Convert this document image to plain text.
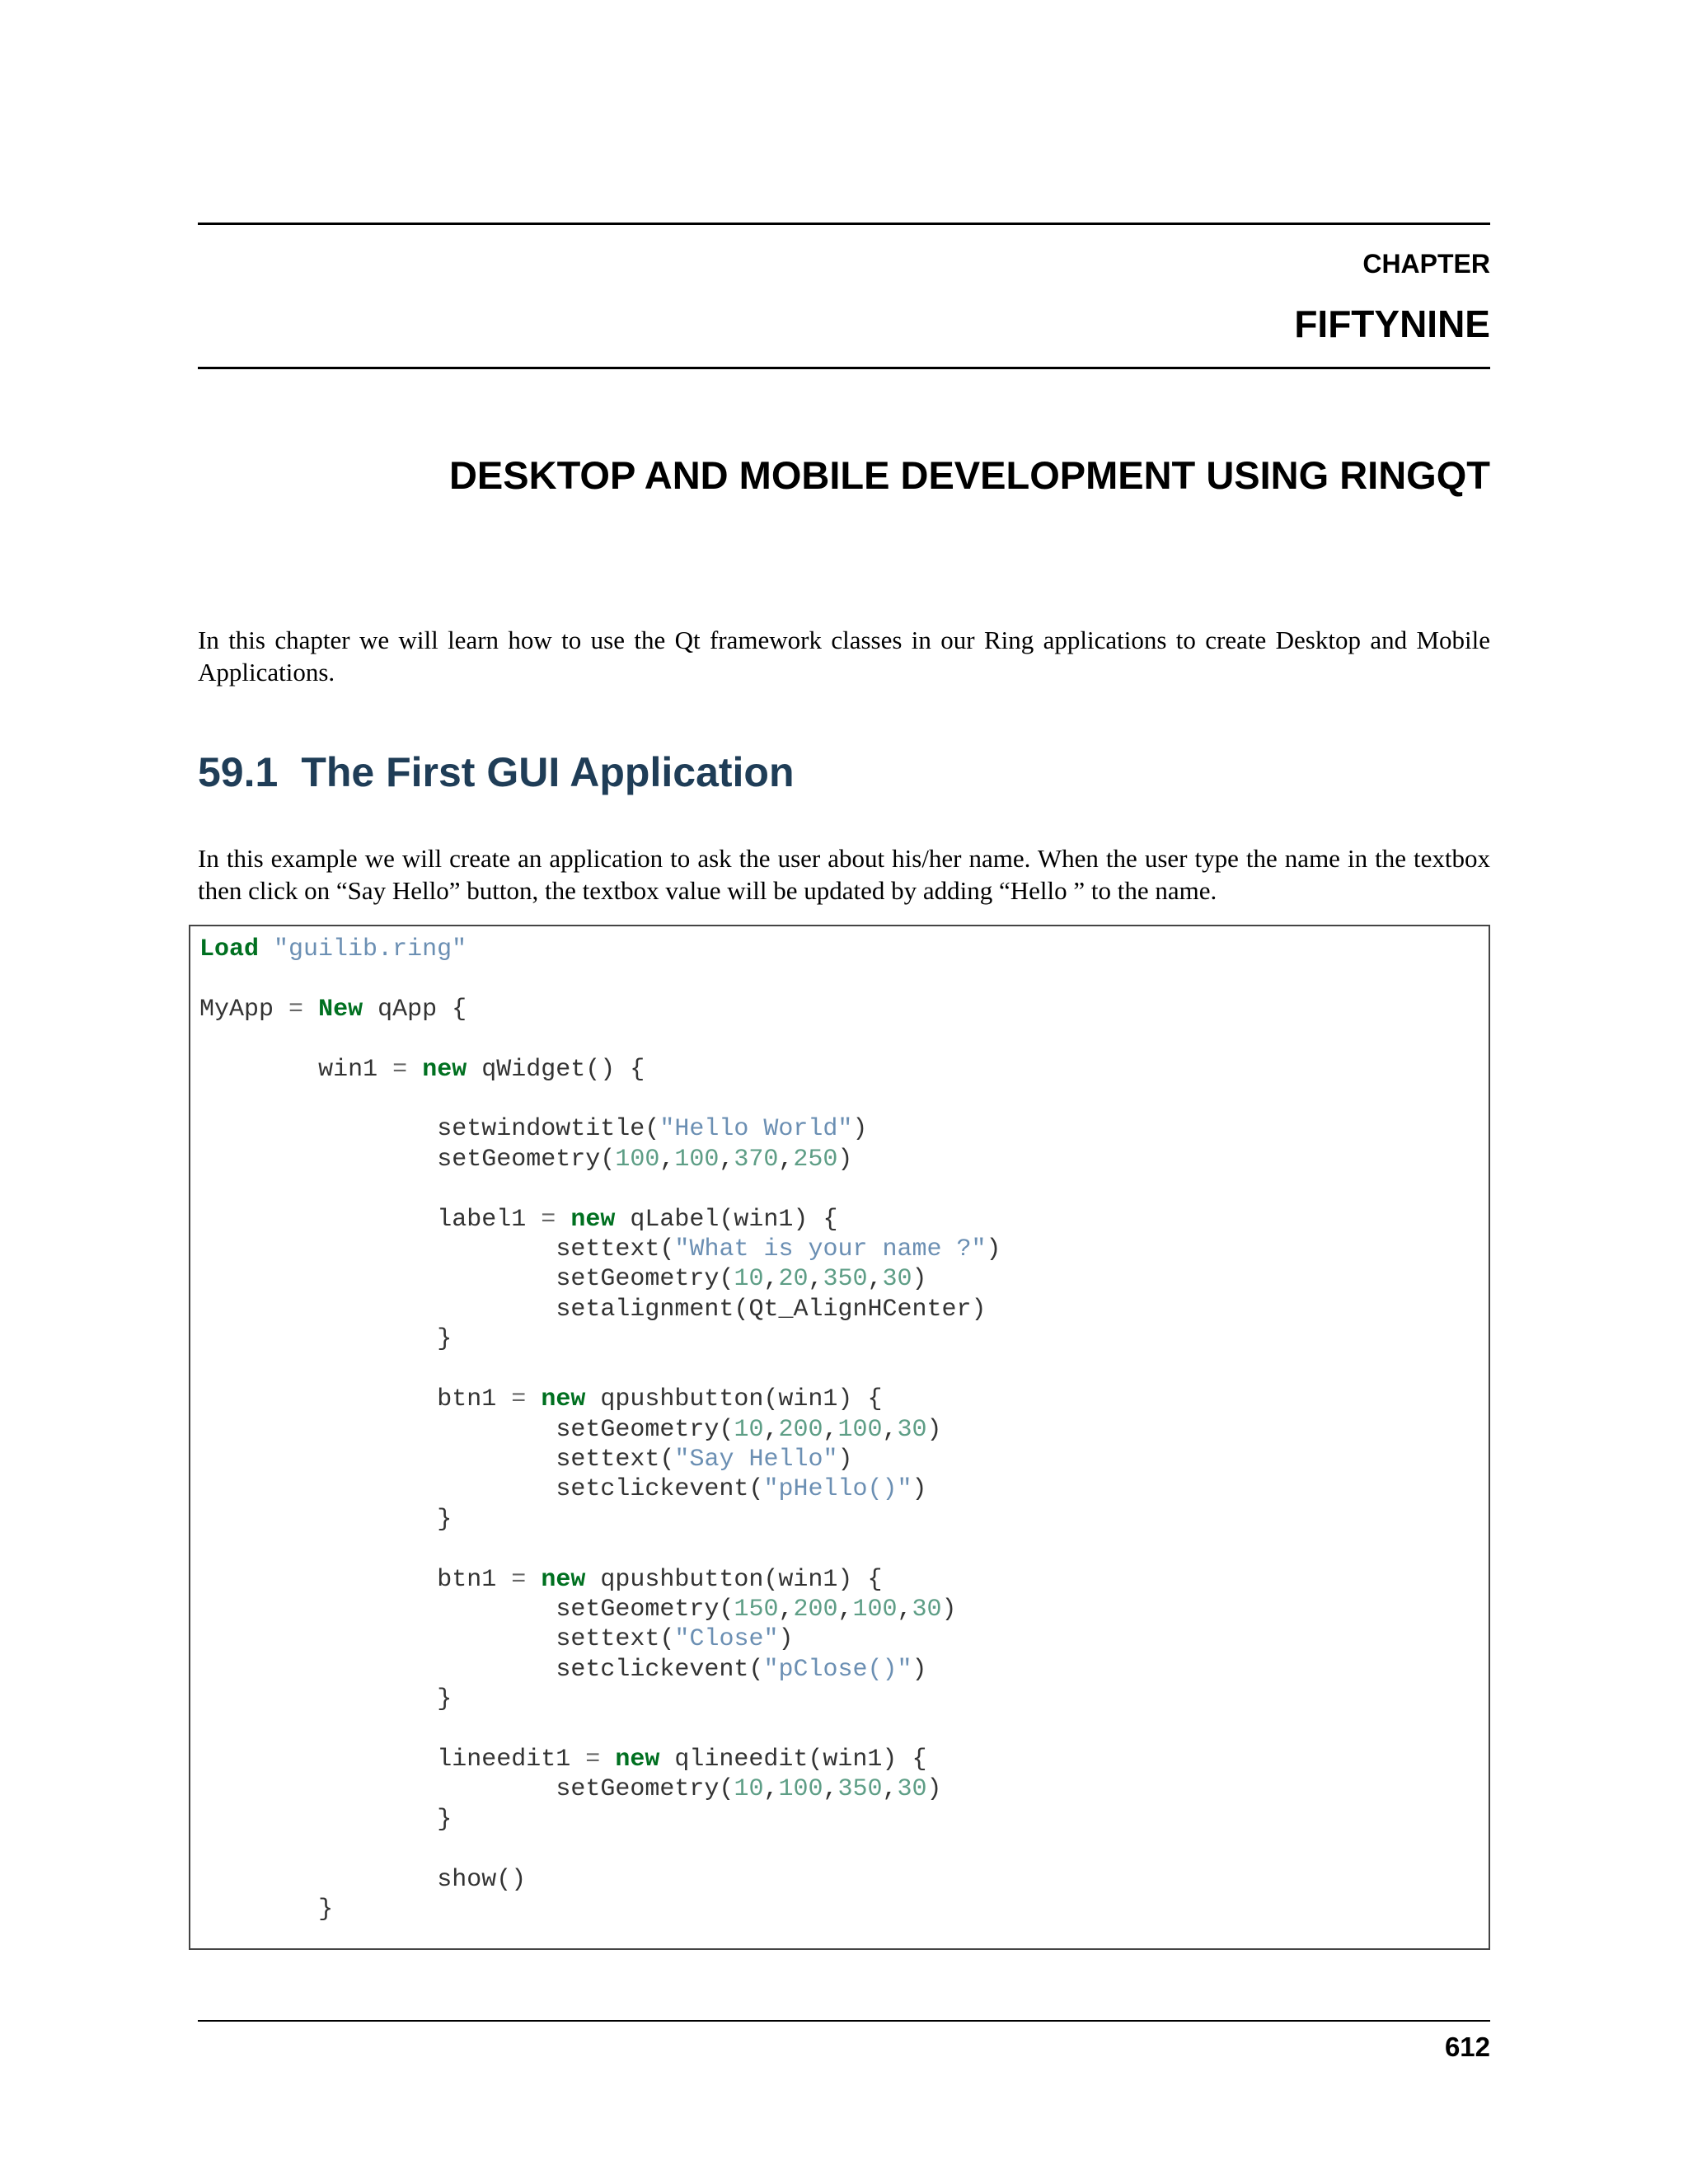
CHAPTER
FIFTYNINE
DESKTOP AND MOBILE DEVELOPMENT USING RINGQT

In this chapter we will learn how to use the Qt framework classes in our Ring applications to create Desktop and Mobile Applications.

59.1 The First GUI Application

In this example we will create an application to ask the user about his/her name. When the user type the name in the textbox then click on “Say Hello” button, the textbox value will be updated by adding “Hello ” to the name.

Load "guilib.ring"

MyApp = New qApp {

win1 = new qWidget() {

setwindowtitle("Hello World")
setGeometry(100,100,370,250)

label1 = new qLabel(win1) {
settext("What is your name ?")
setGeometry(10,20,350,30)
setalignment(Qt_AlignHCenter)
}

btn1 = new qpushbutton(win1) {
setGeometry(10,200,100,30)
settext("Say Hello")
setclickevent("pHello()")
}

btn1 = new qpushbutton(win1) {
setGeometry(150,200,100,30)
settext("Close")
setclickevent("pClose()")
}

lineedit1 = new qlineedit(win1) {
setGeometry(10,100,350,30)
}

show()
}
612
